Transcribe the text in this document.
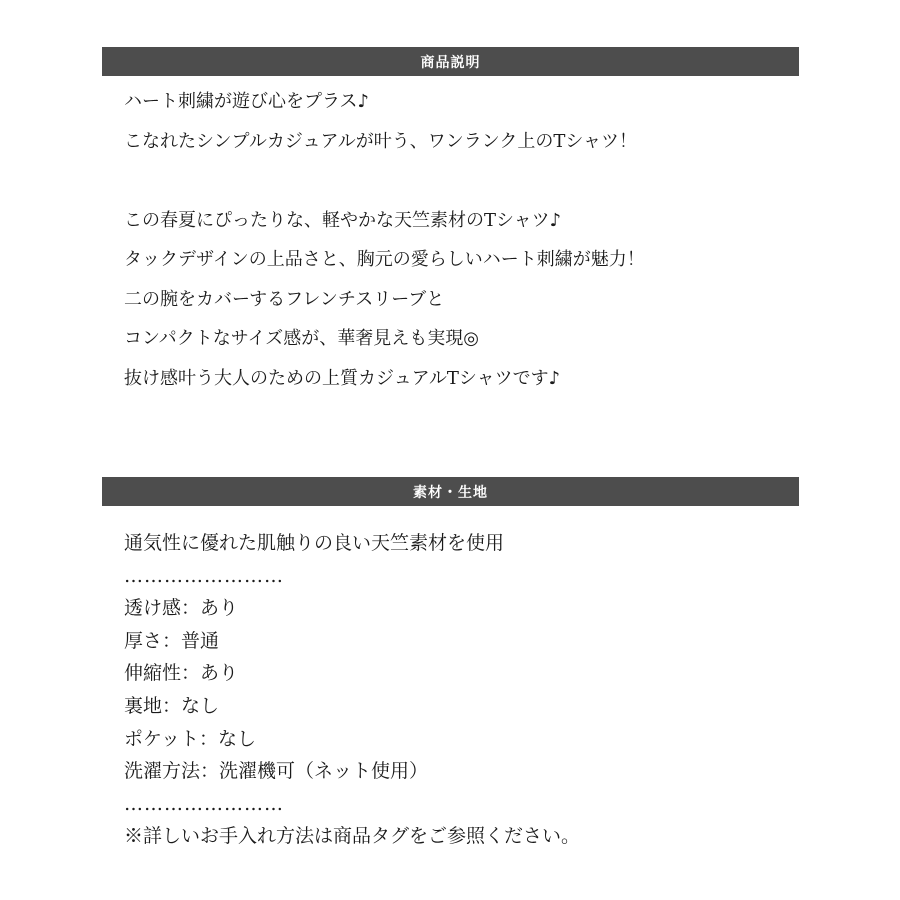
商品説明
ハート刺繍が遊び心をプラス♪
こなれたシンプルカジュアルが叶う、ワンランク上のTシャツ！
この春夏にぴったりな、軽やかな天竺素材のTシャツ♪
タックデザインの上品さと、胸元の愛らしいハート刺繍が魅力！
二の腕をカバーするフレンチスリーブと
コンパクトなサイズ感が、華奢見えも実現◎
抜け感叶う大人のための上質カジュアルTシャツです♪
素材・生地
通気性に優れた肌触りの良い天竺素材を使用
……………………
透け感：あり
厚さ：普通
伸縮性：あり
裏地：なし
ポケット：なし
洗濯方法：洗濯機可（ネット使用）
……………………
※詳しいお手入れ方法は商品タグをご参照ください。
